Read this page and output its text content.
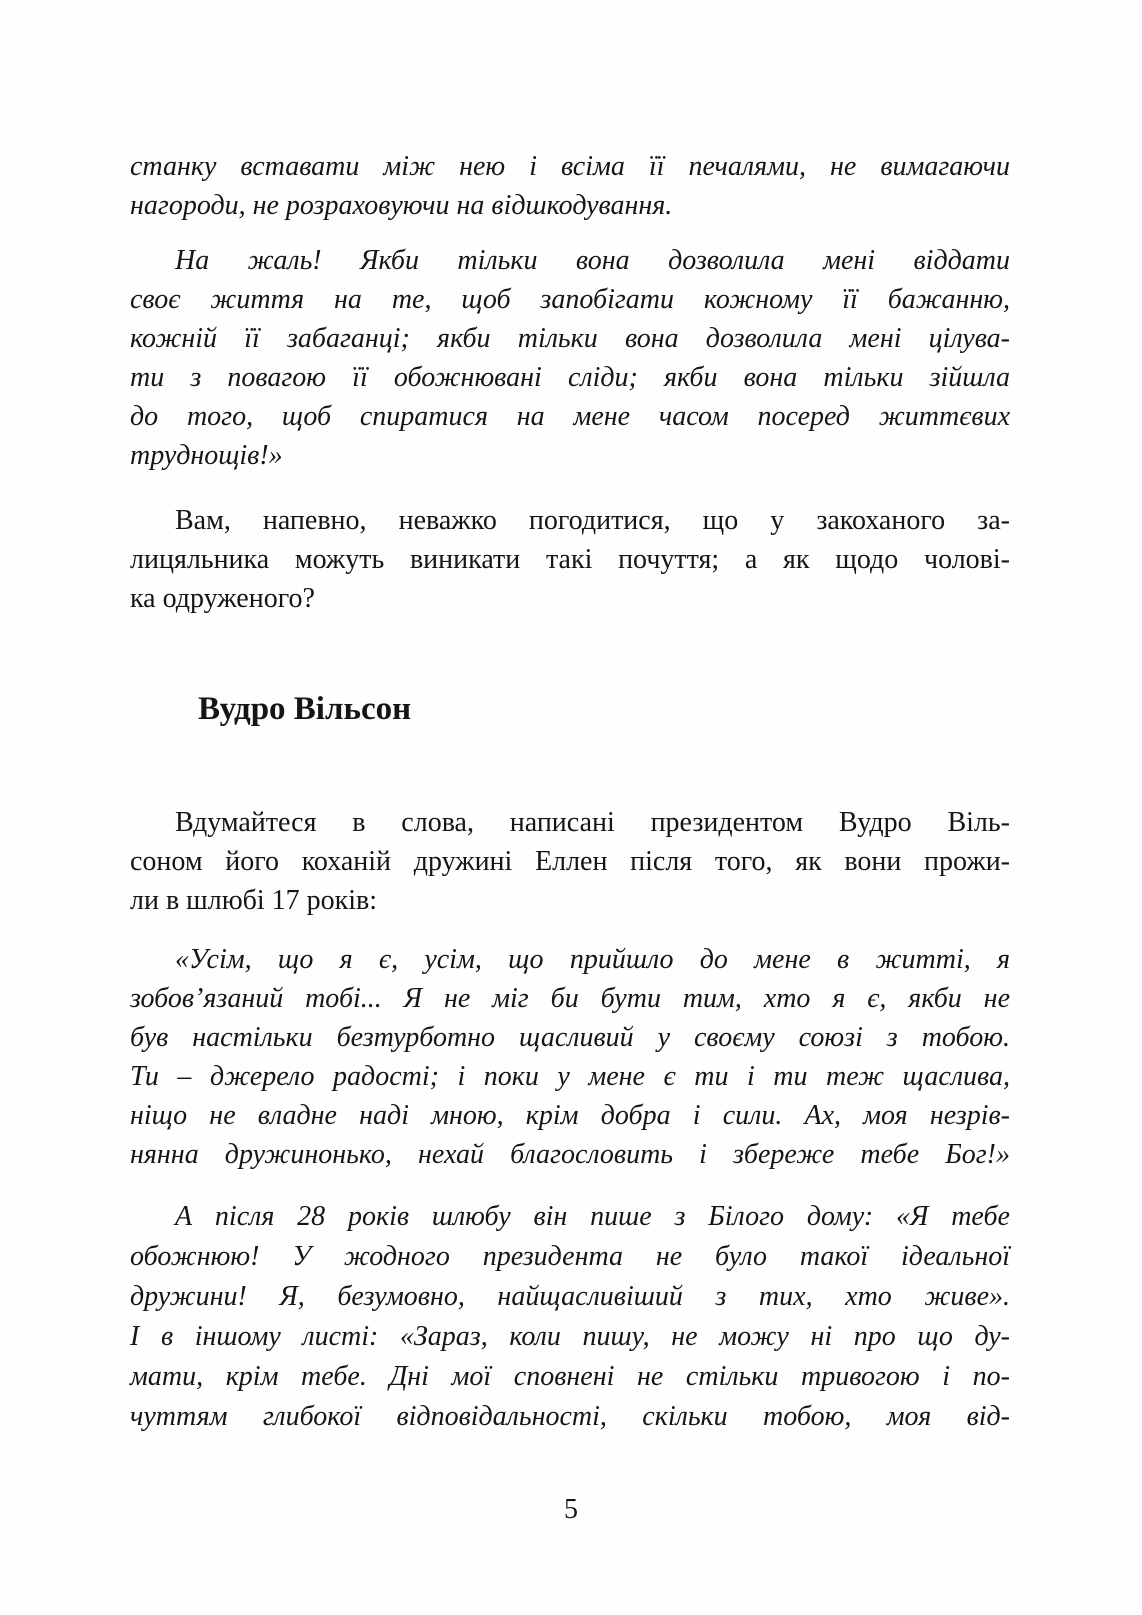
станку вставати між нею і всіма її печалями, не вимагаючи
нагороди, не розраховуючи на відшкодування.
На жаль! Якби тільки вона дозволила мені віддати
своє життя на те, щоб запобігати кожному її бажанню,
кожній її забаганці; якби тільки вона дозволила мені цілува-
ти з повагою її обожнювані сліди; якби вона тільки зійшла
до того, щоб спиратися на мене часом посеред життєвих
труднощів!»
Вам, напевно, неважко погодитися, що у закоханого за-
лицяльника можуть виникати такі почуття; а як щодо чолові-
ка одруженого?
Вудро Вільсон
Вдумайтеся в слова, написані президентом Вудро Віль-
соном його коханій дружині Еллен після того, як вони прожи-
ли в шлюбі 17 років:
«Усім, що я є, усім, що прийшло до мене в житті, я
зобов’язаний тобі... Я не міг би бути тим, хто я є, якби не
був настільки безтурботно щасливий у своєму союзі з тобою.
Ти – джерело радості; і поки у мене є ти і ти теж щаслива,
ніщо не владне наді мною, крім добра і сили. Ах, моя незрів-
нянна дружинонько, нехай благословить і збереже тебе Бог!»
А після 28 років шлюбу він пише з Білого дому: «Я тебе
обожнюю! У жодного президента не було такої ідеальної
дружини! Я, безумовно, найщасливіший з тих, хто живе».
І в іншому листі: «Зараз, коли пишу, не можу ні про що ду-
мати, крім тебе. Дні мої сповнені не стільки тривогою і по-
чуттям глибокої відповідальності, скільки тобою, моя від-
5
